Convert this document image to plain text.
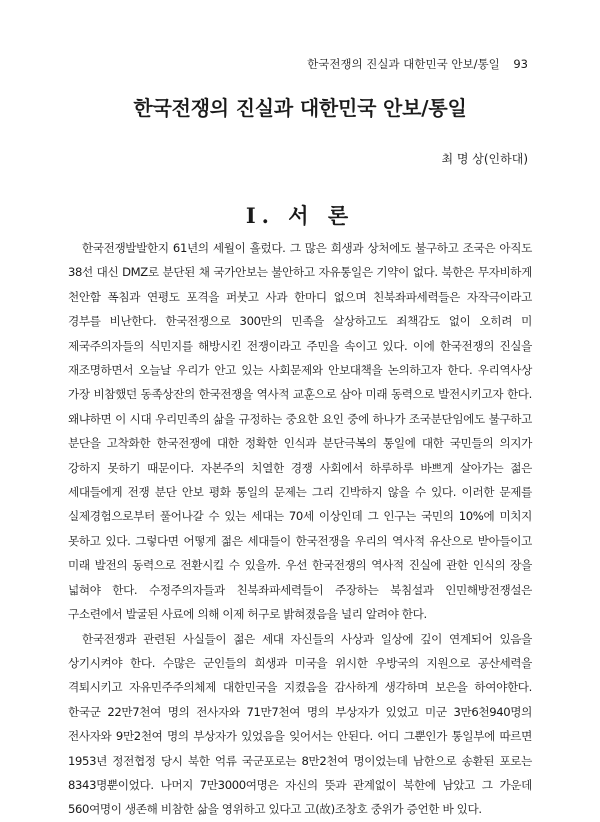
한국전쟁의 진실과 대한민국 안보/통일 93
한국전쟁의 진실과 대한민국 안보/통일
최 명 상(인하대)
Ⅰ. 서 론

한국전쟁발발한지 61년의 세월이 흘렀다. 그 많은 희생과 상처에도 불구하고 조국은 아직도 38선 대신 DMZ로 분단된 채 국가안보는 불안하고 자유통일은 기약이 없다. 북한은 무자비하게 천안함 폭침과 연평도 포격을 퍼붓고 사과 한마디 없으며 친북좌파세력들은 자작극이라고 경부를 비난한다. 한국전쟁으로 300만의 민족을 살상하고도 죄책감도 없이 오히려 미 제국주의자들의 식민지를 해방시킨 전쟁이라고 주민을 속이고 있다. 이에 한국전쟁의 진실을 재조명하면서 오늘날 우리가 안고 있는 사회문제와 안보대책을 논의하고자 한다. 우리역사상 가장 비참했던 동족상잔의 한국전쟁을 역사적 교훈으로 삼아 미래 동력으로 발전시키고자 한다. 왜냐하면 이 시대 우리민족의 삶을 규정하는 중요한 요인 중에 하나가 조국분단임에도 불구하고 분단을 고착화한 한국전쟁에 대한 정확한 인식과 분단극복의 통일에 대한 국민들의 의지가 강하지 못하기 때문이다. 자본주의 치열한 경쟁 사회에서 하루하루 바쁘게 살아가는 젊은 세대들에게 전쟁 분단 안보 평화 통일의 문제는 그리 긴박하지 않을 수 있다. 이러한 문제를 실제경험으로부터 풀어나갈 수 있는 세대는 70세 이상인데 그 인구는 국민의 10%에 미치지 못하고 있다. 그렇다면 어떻게 젊은 세대들이 한국전쟁을 우리의 역사적 유산으로 받아들이고 미래 발전의 동력으로 전환시킬 수 있을까. 우선 한국전쟁의 역사적 진실에 관한 인식의 장을 넓혀야 한다. 수정주의자들과 친북좌파세력들이 주장하는 북침설과 인민해방전쟁설은 구소련에서 발굴된 사료에 의해 이제 허구로 밝혀졌음을 널리 알려야 한다.

한국전쟁과 관련된 사실들이 젊은 세대 자신들의 사상과 일상에 깊이 연계되어 있음을 상기시켜야 한다. 수많은 군인들의 희생과 미국을 위시한 우방국의 지원으로 공산세력을 격퇴시키고 자유민주주의체제 대한민국을 지켰음을 감사하게 생각하며 보은을 하여야한다. 한국군 22만7천여 명의 전사자와 71만7천여 명의 부상자가 있었고 미군 3만6천940명의 전사자와 9만2천여 명의 부상자가 있었음을 잊어서는 안된다. 어디 그뿐인가 통일부에 따르면 1953년 정전협정 당시 북한 억류 국군포로는 8만2천여 명이었는데 남한으로 송환된 포로는 8343명뿐이었다. 나머지 7만3000여명은 자신의 뜻과 관계없이 북한에 남았고 그 가운데 560여명이 생존해 비참한 삶을 영위하고 있다고 고(故)조창호 중위가 증언한 바 있다.
